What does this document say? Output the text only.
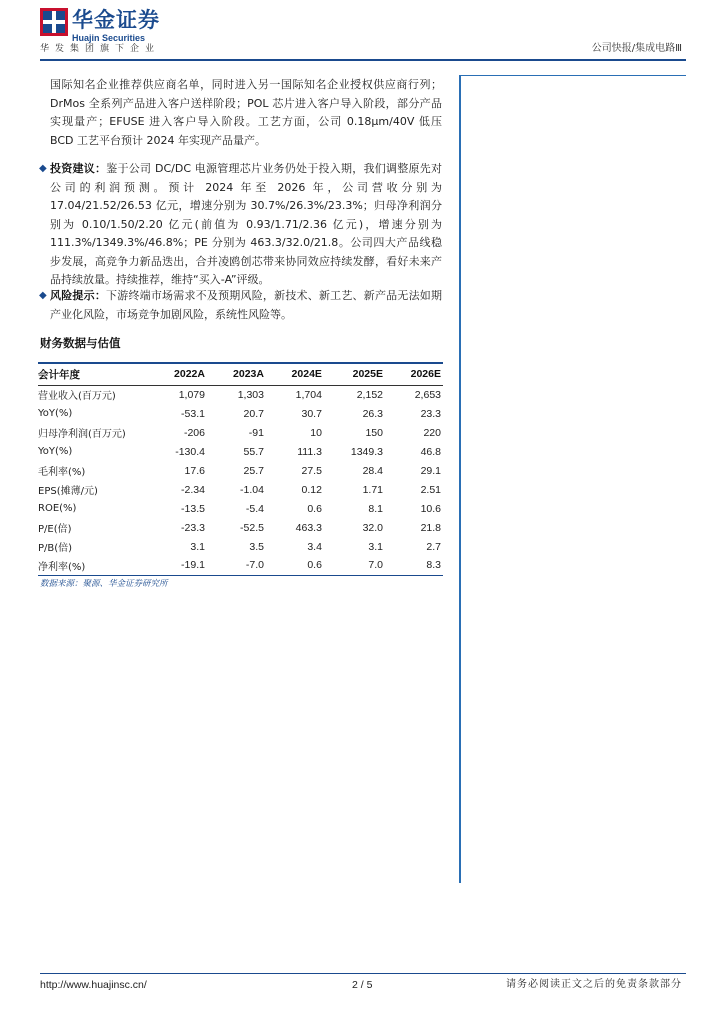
华金证券
Huajin Securities
华发集团旗下企业	公司快报/集成电路Ⅲ

国际知名企业推荐供应商名单，同时进入另一国际知名企业授权供应商行列；DrMos 全系列产品进入客户送样阶段；POL 芯片进入客户导入阶段，部分产品实现量产；EFUSE 进入客户导入阶段。工艺方面，公司 0.18μm/40V 低压 BCD 工艺平台预计 2024 年实现产品量产。

◆ 投资建议：鉴于公司 DC/DC 电源管理芯片业务仍处于投入期，我们调整原先对公司的利润预测。预计 2024 年至 2026 年，公司营收分别为 17.04/21.52/26.53 亿元，增速分别为 30.7%/26.3%/23.3%；归母净利润分别为 0.10/1.50/2.20 亿元(前值为 0.93/1.71/2.36 亿元)，增速分别为 111.3%/1349.3%/46.8%；PE 分别为 463.3/32.0/21.8。公司四大产品线稳步发展，高竞争力新品迭出，合并凌鸥创芯带来协同效应持续发酵，看好未来产品持续放量。持续推荐，维持“买入-A”评级。

◆ 风险提示：下游终端市场需求不及预期风险，新技术、新工艺、新产品无法如期产业化风险，市场竞争加剧风险，系统性风险等。

财务数据与估值
会计年度	2022A	2023A	2024E	2025E	2026E
营业收入(百万元)	1,079	1,303	1,704	2,152	2,653
YoY(%)	-53.1	20.7	30.7	26.3	23.3
归母净利润(百万元)	-206	-91	10	150	220
YoY(%)	-130.4	55.7	111.3	1349.3	46.8
毛利率(%)	17.6	25.7	27.5	28.4	29.1
EPS(摊薄/元)	-2.34	-1.04	0.12	1.71	2.51
ROE(%)	-13.5	-5.4	0.6	8.1	10.6
P/E(倍)	-23.3	-52.5	463.3	32.0	21.8
P/B(倍)	3.1	3.5	3.4	3.1	2.7
净利率(%)	-19.1	-7.0	0.6	7.0	8.3
数据来源：聚源、华金证券研究所
http://www.huajinsc.cn/	2 / 5	请务必阅读正文之后的免责条款部分
